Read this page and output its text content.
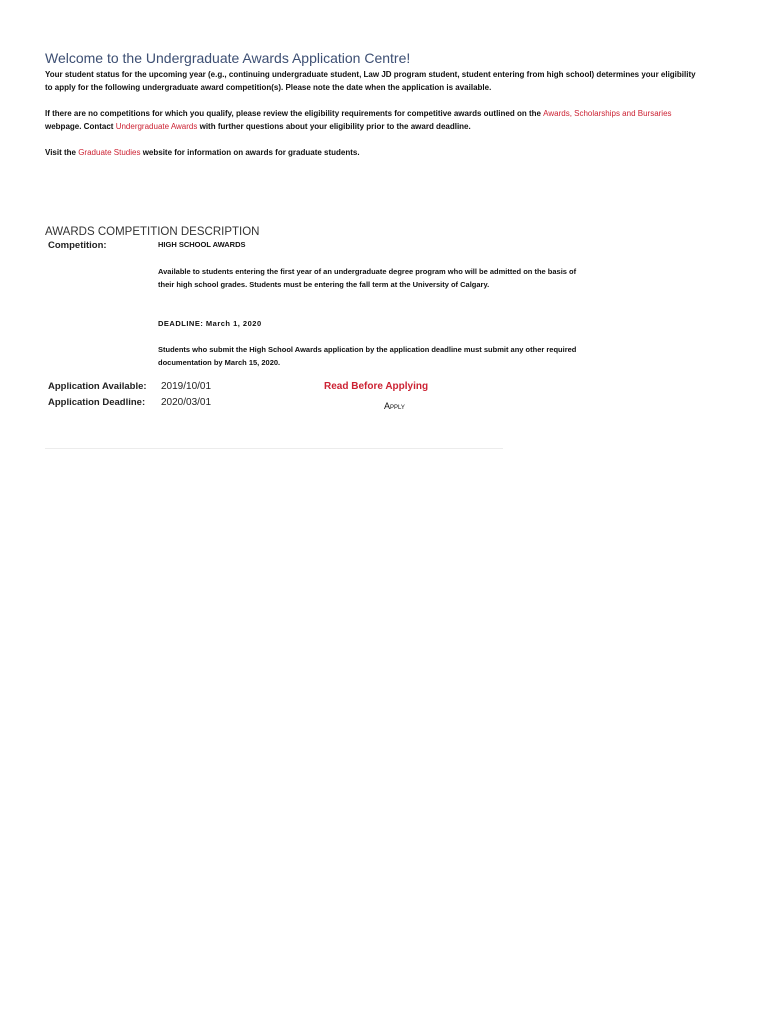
Welcome to the Undergraduate Awards Application Centre!
Your student status for the upcoming year (e.g., continuing undergraduate student, Law JD program student, student entering from high school) determines your eligibility to apply for the following undergraduate award competition(s). Please note the date when the application is available.
If there are no competitions for which you qualify, please review the eligibility requirements for competitive awards outlined on the Awards, Scholarships and Bursaries webpage. Contact Undergraduate Awards with further questions about your eligibility prior to the award deadline.
Visit the Graduate Studies website for information on awards for graduate students.
AWARDS COMPETITION DESCRIPTION
Competition:	HIGH SCHOOL AWARDS
Available to students entering the first year of an undergraduate degree program who will be admitted on the basis of their high school grades. Students must be entering the fall term at the University of Calgary.
DEADLINE: March 1, 2020
Students who submit the High School Awards application by the application deadline must submit any other required documentation by March 15, 2020.
Application Available: 2019/10/01
Application Deadline: 2020/03/01
Read Before Applying
Apply
